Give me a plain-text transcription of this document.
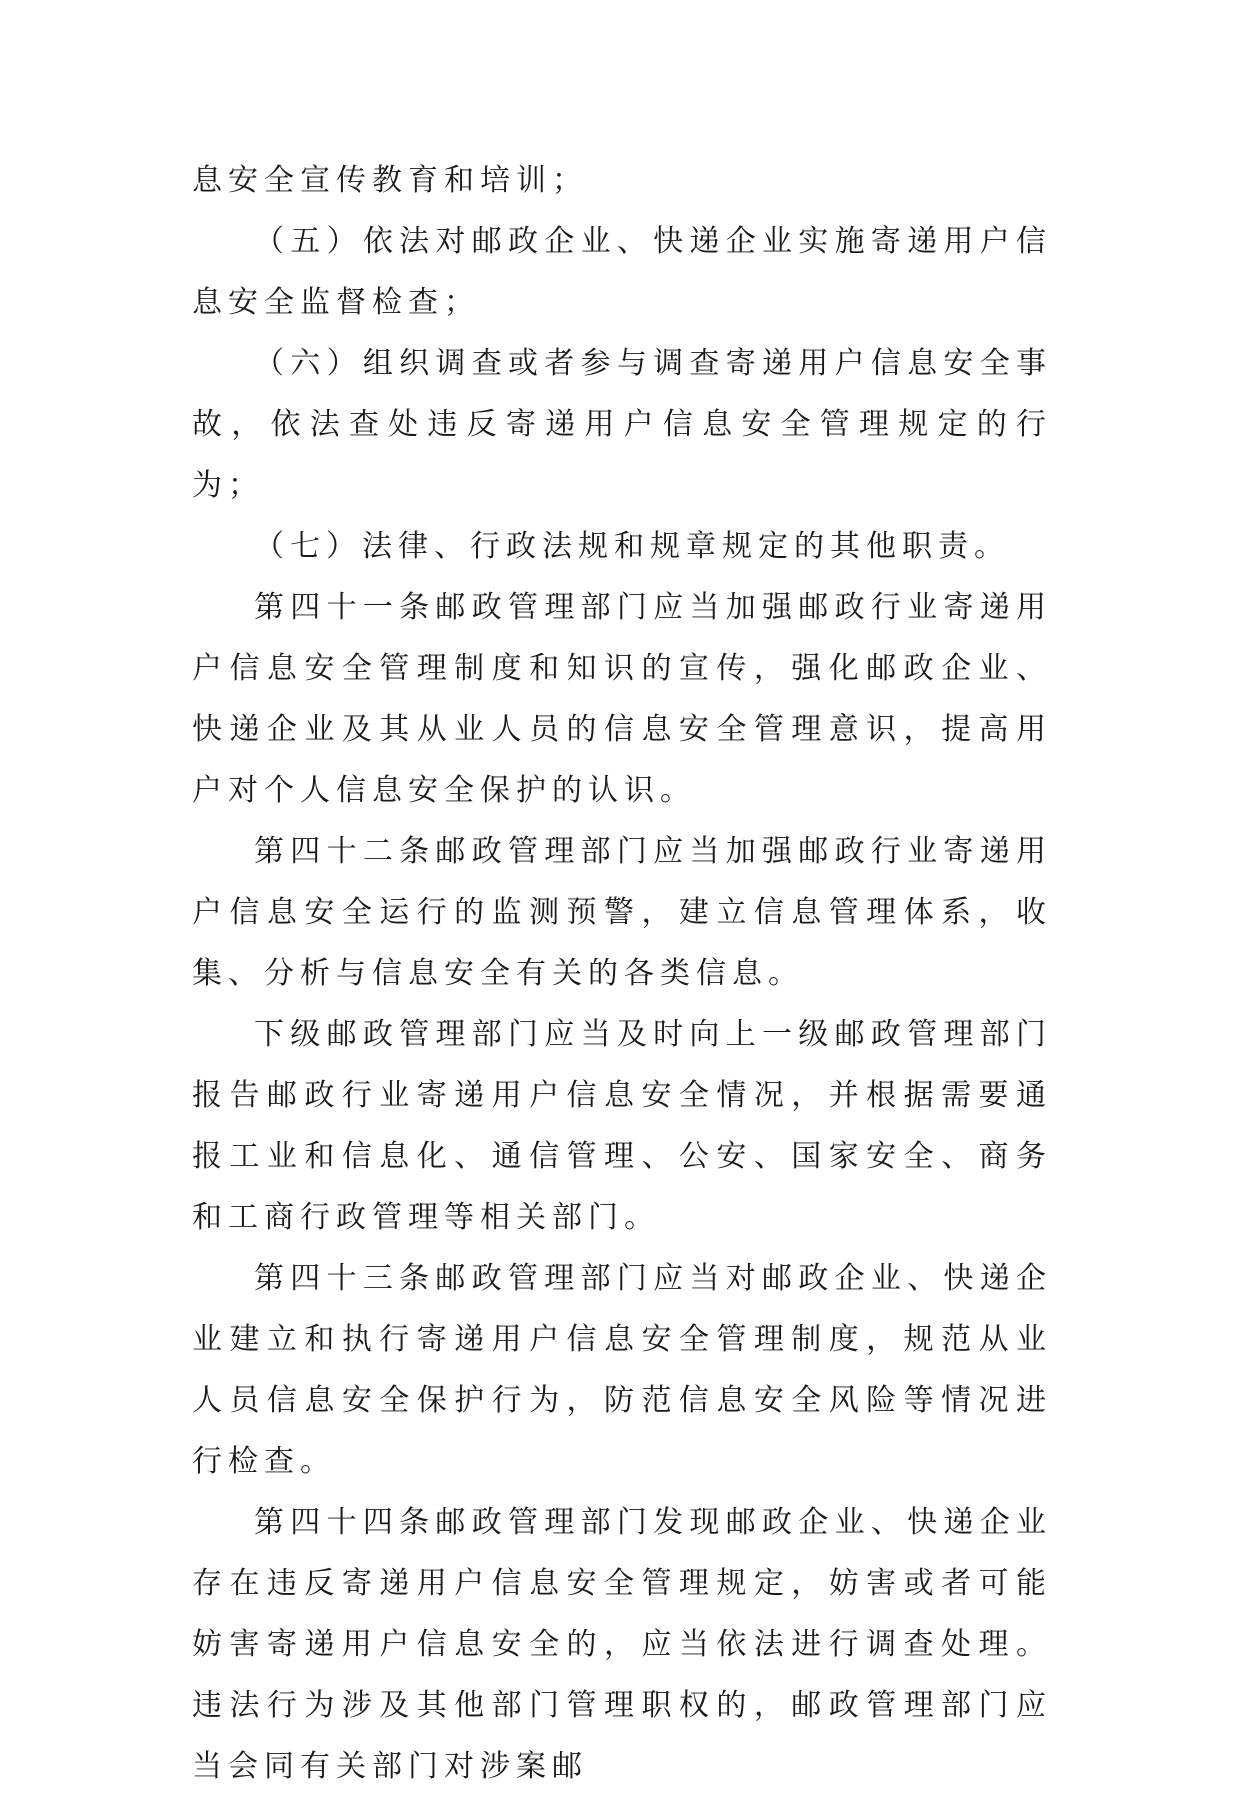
息安全宣传教育和培训；

（五）依法对邮政企业、快递企业实施寄递用户信息安全监督检查；

（六）组织调查或者参与调查寄递用户信息安全事故，依法查处违反寄递用户信息安全管理规定的行为；

（七）法律、行政法规和规章规定的其他职责。

第四十一条邮政管理部门应当加强邮政行业寄递用户信息安全管理制度和知识的宣传，强化邮政企业、快递企业及其从业人员的信息安全管理意识，提高用户对个人信息安全保护的认识。

第四十二条邮政管理部门应当加强邮政行业寄递用户信息安全运行的监测预警，建立信息管理体系，收集、分析与信息安全有关的各类信息。

下级邮政管理部门应当及时向上一级邮政管理部门报告邮政行业寄递用户信息安全情况，并根据需要通报工业和信息化、通信管理、公安、国家安全、商务和工商行政管理等相关部门。

第四十三条邮政管理部门应当对邮政企业、快递企业建立和执行寄递用户信息安全管理制度，规范从业人员信息安全保护行为，防范信息安全风险等情况进行检查。

第四十四条邮政管理部门发现邮政企业、快递企业存在违反寄递用户信息安全管理规定，妨害或者可能妨害寄递用户信息安全的，应当依法进行调查处理。违法行为涉及其他部门管理职权的，邮政管理部门应当会同有关部门对涉案邮
